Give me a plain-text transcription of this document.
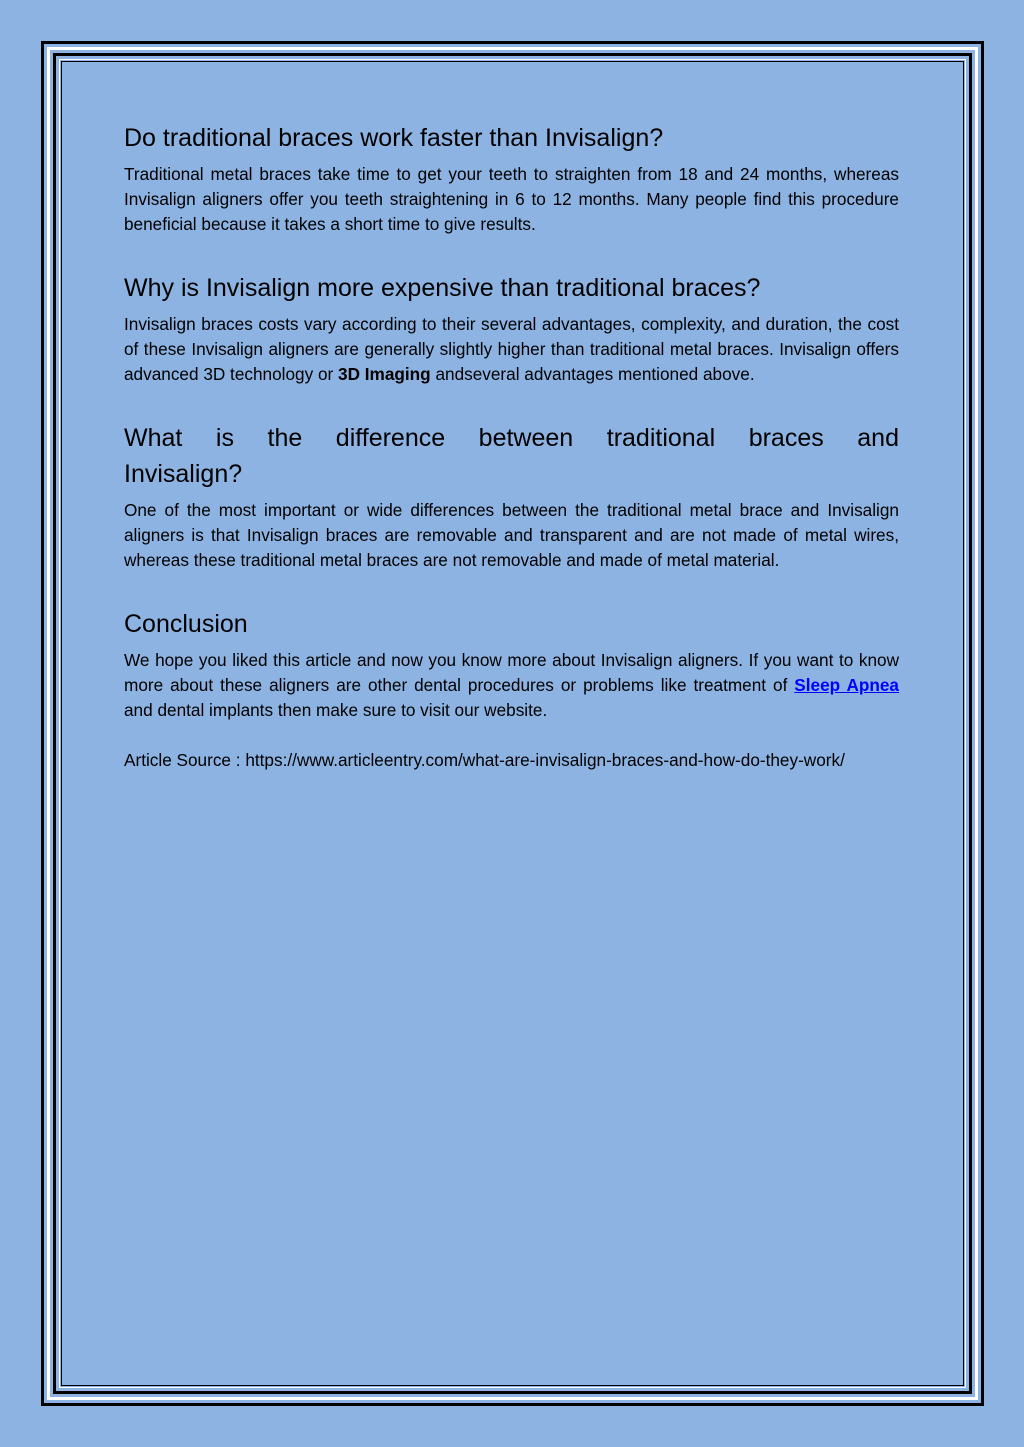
Do traditional braces work faster than Invisalign?

Traditional metal braces take time to get your teeth to straighten from 18 and 24 months, whereas Invisalign aligners offer you teeth straightening in 6 to 12 months. Many people find this procedure beneficial because it takes a short time to give results.

Why is Invisalign more expensive than traditional braces?

Invisalign braces costs vary according to their several advantages, complexity, and duration, the cost of these Invisalign aligners are generally slightly higher than traditional metal braces. Invisalign offers advanced 3D technology or 3D Imaging andseveral advantages mentioned above.

What is the difference between traditional braces and
Invisalign?

One of the most important or wide differences between the traditional metal brace and Invisalign aligners is that Invisalign braces are removable and transparent and are not made of metal wires, whereas these traditional metal braces are not removable and made of metal material.

Conclusion

We hope you liked this article and now you know more about Invisalign aligners. If you want to know more about these aligners are other dental procedures or problems like treatment of Sleep Apnea and dental implants then make sure to visit our website.

Article Source : https://www.articleentry.com/what-are-invisalign-braces-and-how-do-they-work/
